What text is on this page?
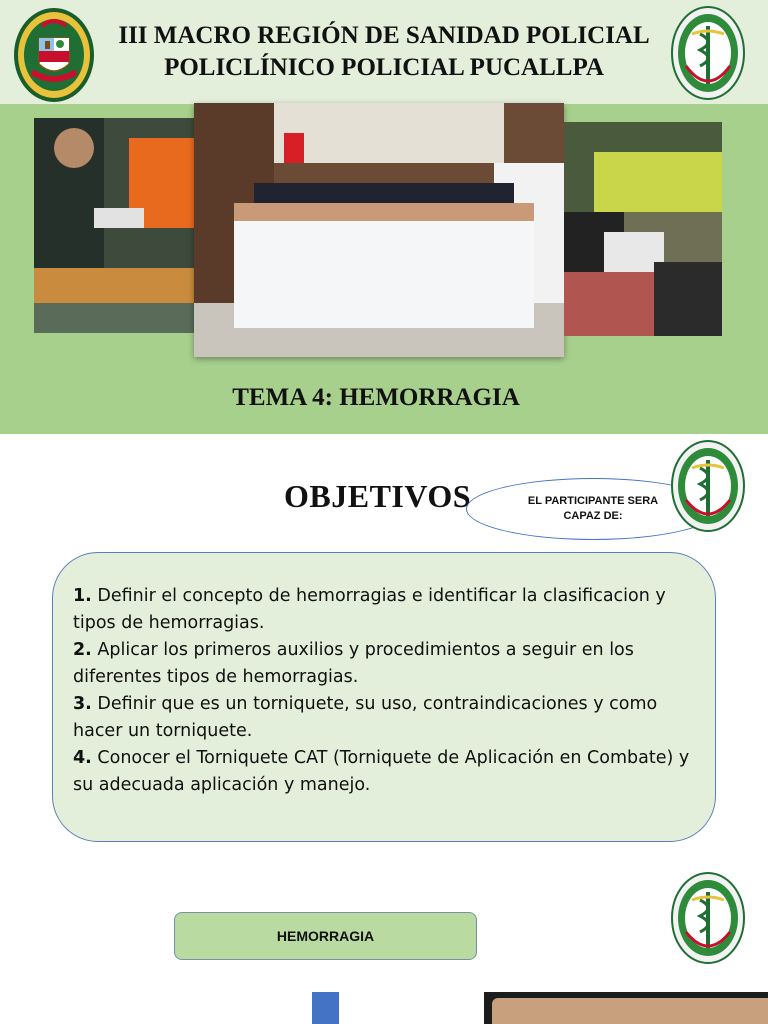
III MACRO REGIÓN DE SANIDAD POLICIAL
POLICLÍNICO POLICIAL PUCALLPA
TEMA 4: HEMORRAGIA
OBJETIVOS	EL PARTICIPANTE SERA CAPAZ DE:
1. Definir el concepto de hemorragias e identificar la clasificacion y tipos de hemorragias.
2. Aplicar los primeros auxilios y procedimientos a seguir en los diferentes tipos de hemorragias.
3. Definir que es un torniquete, su uso, contraindicaciones y como hacer un torniquete.
4. Conocer el Torniquete CAT (Torniquete de Aplicación en Combate) y su adecuada aplicación y manejo.
HEMORRAGIA
